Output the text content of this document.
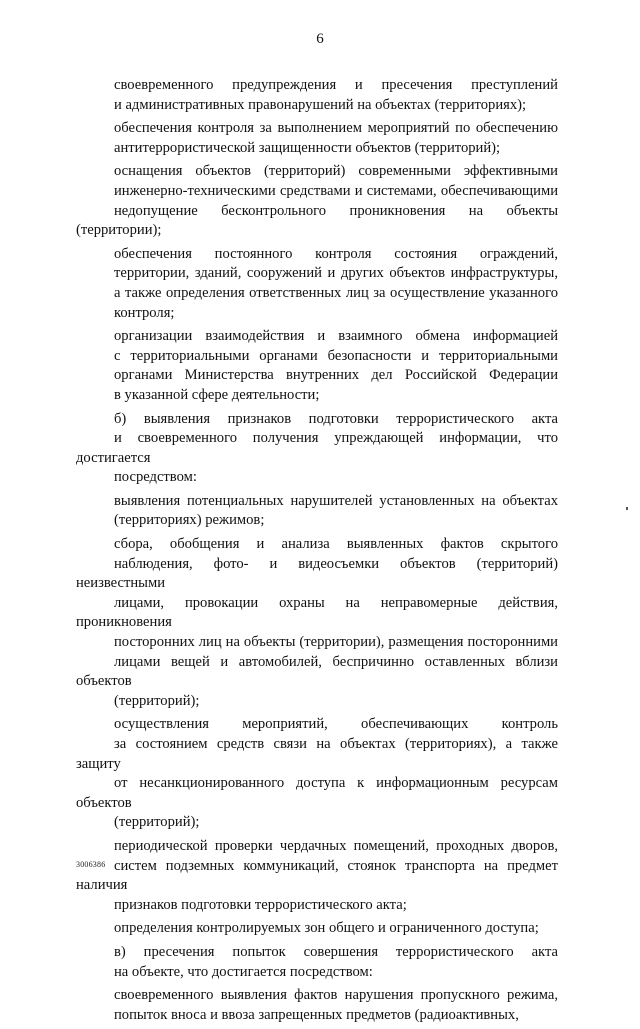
6

своевременного предупреждения и пресечения преступлений
и административных правонарушений на объектах (территориях);

обеспечения контроля за выполнением мероприятий по обеспечению
антитеррористической защищенности объектов (территорий);

оснащения объектов (территорий) современными эффективными
инженерно-техническими средствами и системами, обеспечивающими
недопущение бесконтрольного проникновения на объекты (территории);

обеспечения постоянного контроля состояния ограждений,
территории, зданий, сооружений и других объектов инфраструктуры,
а также определения ответственных лиц за осуществление указанного
контроля;

организации взаимодействия и взаимного обмена информацией
с территориальными органами безопасности и территориальными
органами Министерства внутренних дел Российской Федерации
в указанной сфере деятельности;

б) выявления признаков подготовки террористического акта
и своевременного получения упреждающей информации, что достигается
посредством:

выявления потенциальных нарушителей установленных на объектах
(территориях) режимов;

сбора, обобщения и анализа выявленных фактов скрытого
наблюдения, фото- и видеосъемки объектов (территорий) неизвестными
лицами, провокации охраны на неправомерные действия, проникновения
посторонних лиц на объекты (территории), размещения посторонними
лицами вещей и автомобилей, беспричинно оставленных вблизи объектов
(территорий);

осуществления мероприятий, обеспечивающих контроль
за состоянием средств связи на объектах (территориях), а также защиту
от несанкционированного доступа к информационным ресурсам объектов
(территорий);

периодической проверки чердачных помещений, проходных дворов,
систем подземных коммуникаций, стоянок транспорта на предмет наличия
признаков подготовки террористического акта;

определения контролируемых зон общего и ограниченного доступа;

в) пресечения попыток совершения террористического акта
на объекте, что достигается посредством:

своевременного выявления фактов нарушения пропускного режима,
попыток вноса и ввоза запрещенных предметов (радиоактивных,

3006386
